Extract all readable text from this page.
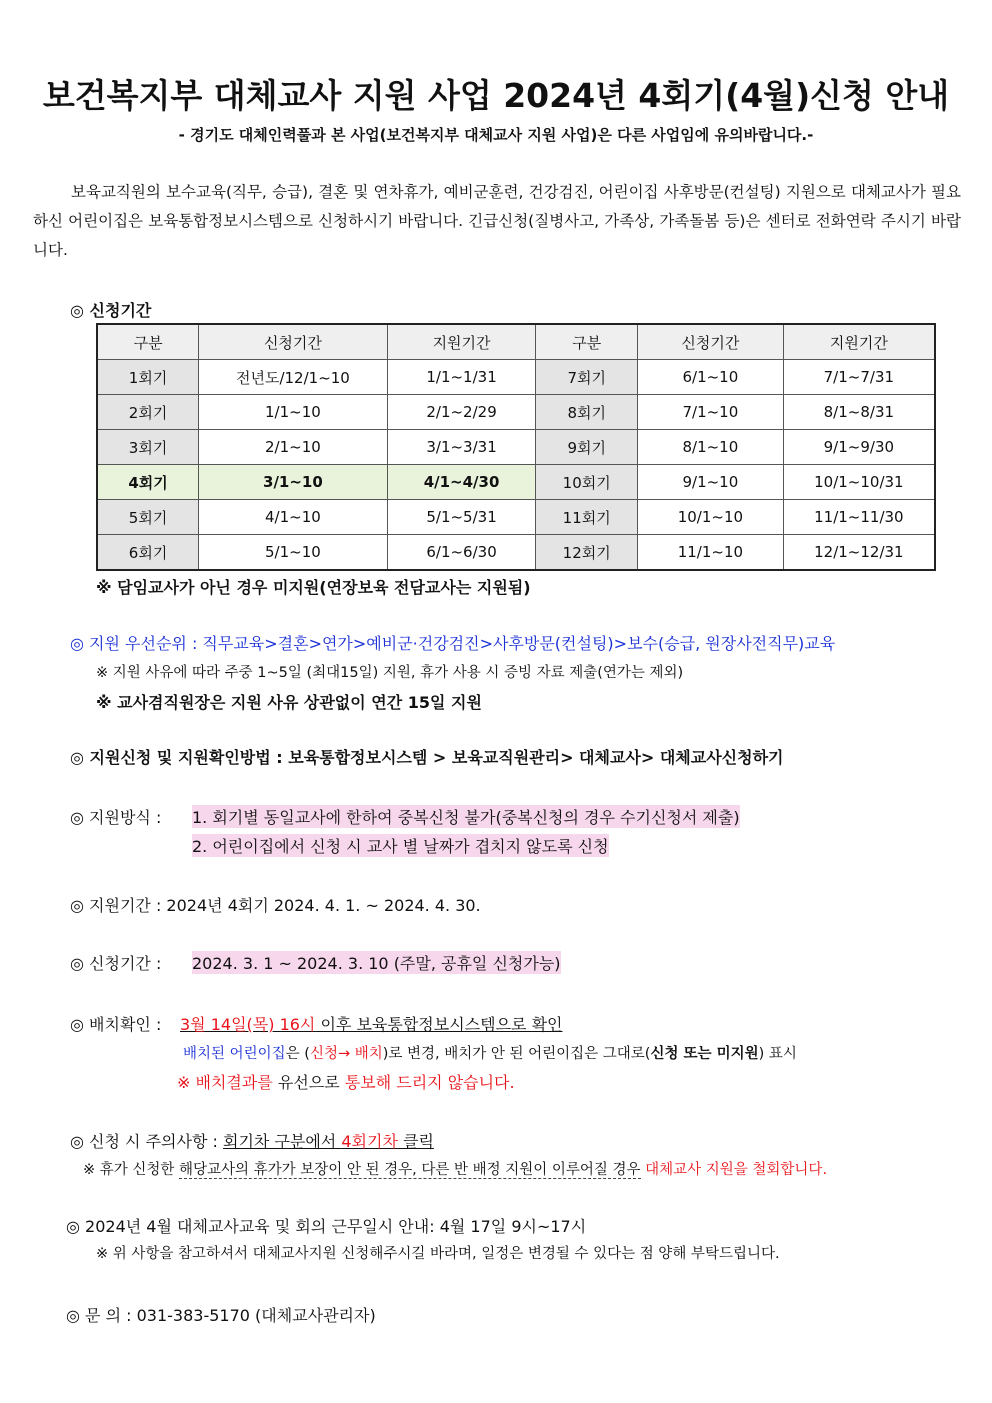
보건복지부 대체교사 지원 사업 2024년 4회기(4월)신청 안내
- 경기도 대체인력풀과 본 사업(보건복지부 대체교사 지원 사업)은 다른 사업임에 유의바랍니다.-
보육교직원의 보수교육(직무, 승급), 결혼 및 연차휴가, 예비군훈련, 건강검진, 어린이집 사후방문(컨설팅) 지원으로 대체교사가 필요하신 어린이집은 보육통합정보시스템으로 신청하시기 바랍니다. 긴급신청(질병사고, 가족상, 가족돌봄 등)은 센터로 전화연락 주시기 바랍니다.
◎ 신청기간
구분	신청기간	지원기간	구분	신청기간	지원기간
1회기	전년도/12/1~10	1/1~1/31	7회기	6/1~10	7/1~7/31
2회기	1/1~10	2/1~2/29	8회기	7/1~10	8/1~8/31
3회기	2/1~10	3/1~3/31	9회기	8/1~10	9/1~9/30
4회기	3/1~10	4/1~4/30	10회기	9/1~10	10/1~10/31
5회기	4/1~10	5/1~5/31	11회기	10/1~10	11/1~11/30
6회기	5/1~10	6/1~6/30	12회기	11/1~10	12/1~12/31
※ 담임교사가 아닌 경우 미지원(연장보육 전담교사는 지원됨)
◎ 지원 우선순위 : 직무교육>결혼>연가>예비군·건강검진>사후방문(컨설팅)>보수(승급, 원장사전직무)교육
※ 지원 사유에 따라 주중 1~5일 (최대15일) 지원, 휴가 사용 시 증빙 자료 제출(연가는 제외)
※ 교사겸직원장은 지원 사유 상관없이 연간 15일 지원
◎ 지원신청 및 지원확인방법 : 보육통합정보시스템 > 보육교직원관리> 대체교사> 대체교사신청하기
◎ 지원방식 : 1. 회기별 동일교사에 한하여 중복신청 불가(중복신청의 경우 수기신청서 제출)
2. 어린이집에서 신청 시 교사 별 날짜가 겹치지 않도록 신청
◎ 지원기간 : 2024년 4회기 2024. 4. 1. ~ 2024. 4. 30.
◎ 신청기간 : 2024. 3. 1 ~ 2024. 3. 10 (주말, 공휴일 신청가능)
◎ 배치확인 : 3월 14일(목) 16시 이후 보육통합정보시스템으로 확인
배치된 어린이집은 (신청→ 배치)로 변경, 배치가 안 된 어린이집은 그대로(신청 또는 미지원) 표시
※ 배치결과를 유선으로 통보해 드리지 않습니다.
◎ 신청 시 주의사항 : 회기차 구분에서 4회기차 클릭
※ 휴가 신청한 해당교사의 휴가가 보장이 안 된 경우, 다른 반 배정 지원이 이루어질 경우 대체교사 지원을 철회합니다.
◎ 2024년 4월 대체교사교육 및 회의 근무일시 안내: 4월 17일 9시~17시
※ 위 사항을 참고하셔서 대체교사지원 신청해주시길 바라며, 일정은 변경될 수 있다는 점 양해 부탁드립니다.
◎ 문 의 : 031-383-5170 (대체교사관리자)
